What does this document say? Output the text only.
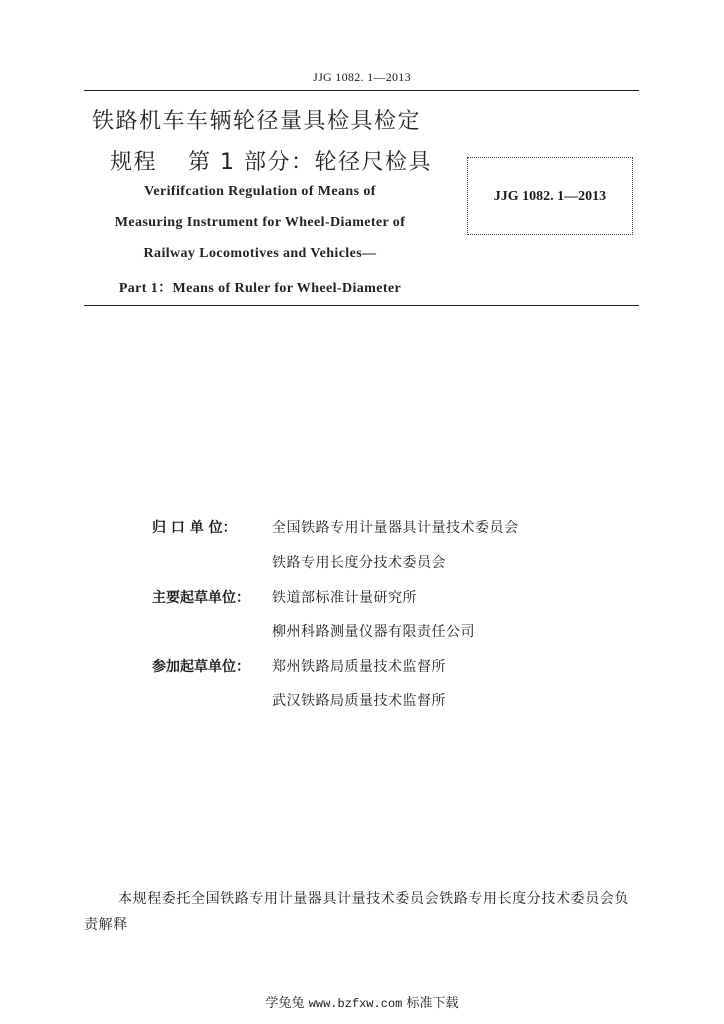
JJG 1082. 1—2013
铁路机车车辆轮径量具检具检定
规程 第 1 部分：轮径尺检具
Verififcation Regulation of Means of
Measuring Instrument for Wheel-Diameter of
Railway Locomotives and Vehicles—
Part 1：Means of Ruler for Wheel-Diameter
JJG 1082. 1—2013
归 口 单 位：	全国铁路专用计量器具计量技术委员会
铁路专用长度分技术委员会
主要起草单位：	铁道部标准计量研究所
柳州科路测量仪器有限责任公司
参加起草单位：	郑州铁路局质量技术监督所
武汉铁路局质量技术监督所
本规程委托全国铁路专用计量器具计量技术委员会铁路专用长度分技术委员会负责解释
学兔兔 www.bzfxw.com 标准下载
